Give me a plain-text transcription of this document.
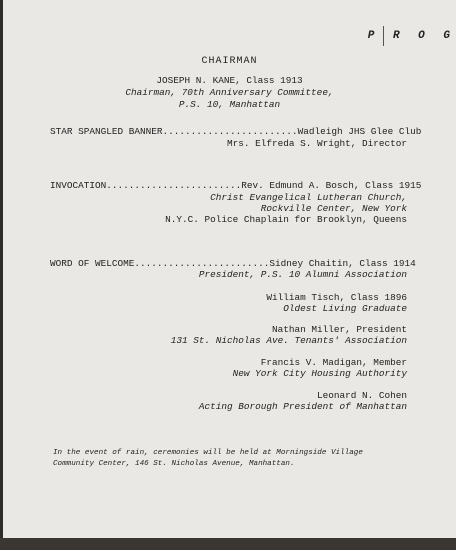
P R O G
CHAIRMAN
JOSEPH N. KANE, Class 1913
Chairman, 70th Anniversary Committee,
P.S. 10, Manhattan
STAR SPANGLED BANNER........................Wadleigh JHS Glee Club
Mrs. Elfreda S. Wright, Director
INVOCATION........................Rev. Edmund A. Bosch, Class 1915
Christ Evangelical Lutheran Church,
Rockville Center, New York
N.Y.C. Police Chaplain for Brooklyn, Queens
WORD OF WELCOME........................Sidney Chaitin, Class 1914
President, P.S. 10 Alumni Association
William Tisch, Class 1896
Oldest Living Graduate
Nathan Miller, President
131 St. Nicholas Ave. Tenants' Association
Francis V. Madigan, Member
New York City Housing Authority
Leonard N. Cohen
Acting Borough President of Manhattan
In the event of rain, ceremonies will be held at Morningside Village Community Center, 146 St. Nicholas Avenue, Manhattan.
